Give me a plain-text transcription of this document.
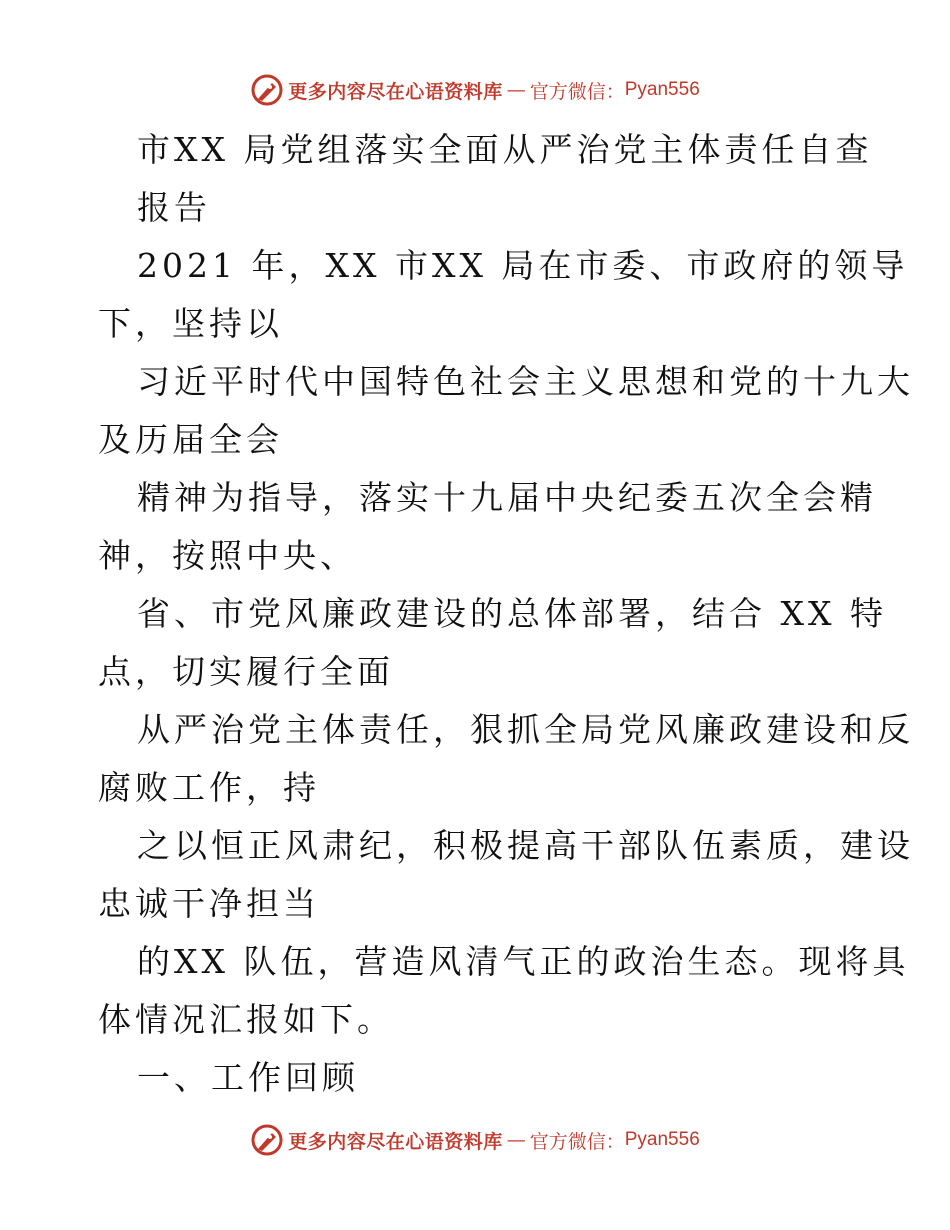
更多内容尽在心语资料库 — 官方微信： Pyan556
市XX 局党组落实全面从严治党主体责任自查
报告
2021 年，XX 市XX 局在市委、市政府的领导
下，坚持以
习近平时代中国特色社会主义思想和党的十九大
及历届全会
精神为指导，落实十九届中央纪委五次全会精
神，按照中央、
省、市党风廉政建设的总体部署，结合 XX 特
点，切实履行全面
从严治党主体责任，狠抓全局党风廉政建设和反
腐败工作，持
之以恒正风肃纪，积极提高干部队伍素质，建设
忠诚干净担当
的XX 队伍，营造风清气正的政治生态。现将具
体情况汇报如下。
一、工作回顾
更多内容尽在心语资料库 — 官方微信： Pyan556
